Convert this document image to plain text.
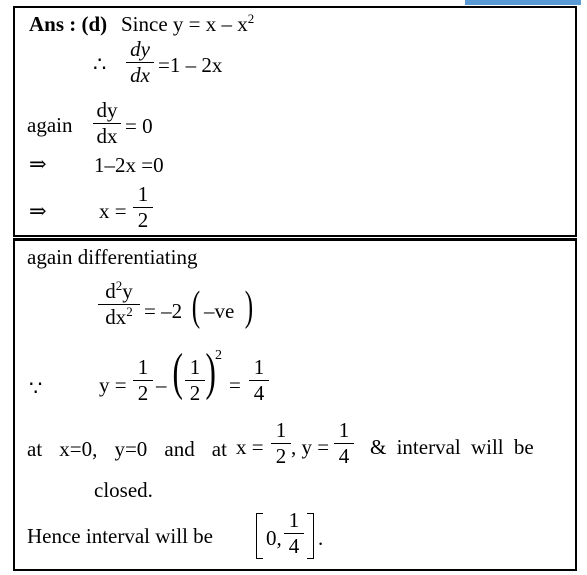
Ans : (d) Since $y = x - x^2$
∴
dy
dx =1 – 2x
again
dy
dx = 0
⇒ 1–2x =0
⇒ x =
1
2
again differentiating
$d^2y$
$dx^2 = -2$ ( –ve )
∵	y =
1
2 – ( 1
2 ) 2
=
1
4
at x=0, y=0 and at x =
1
2 , y =
1
4 & interval will be
closed.
Hence interval will be	0,
1
4 .
